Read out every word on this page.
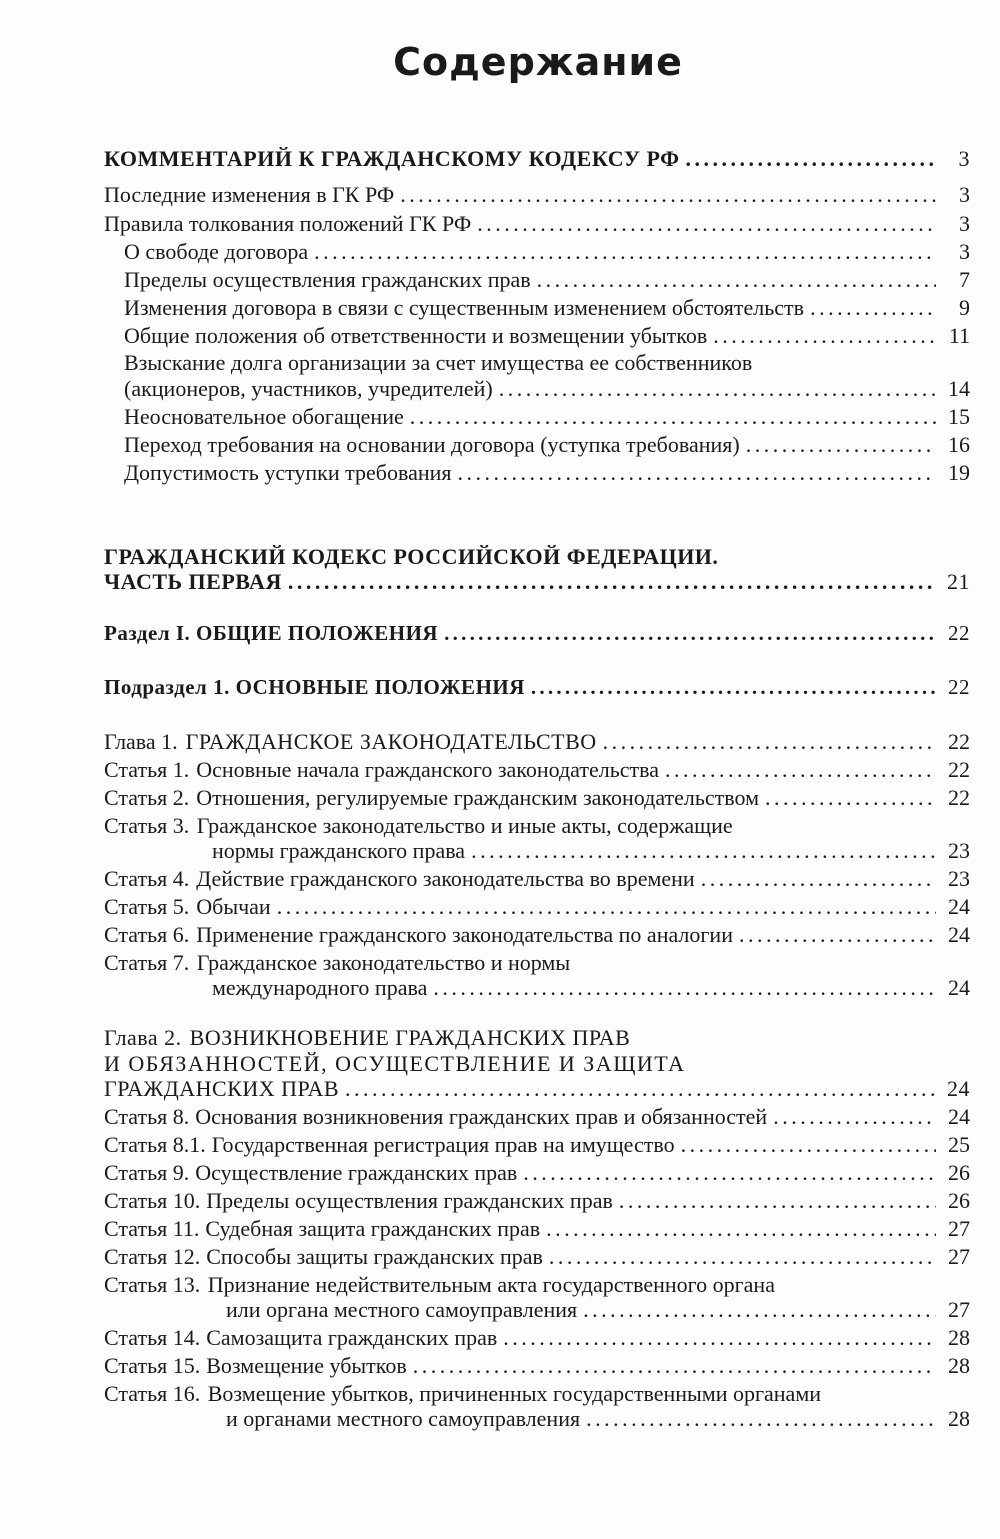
Содержание
КОММЕНТАРИЙ К ГРАЖДАНСКОМУ КОДЕКСУ РФ . . .	3
Последние изменения в ГК РФ . . .	3
Правила толкования положений ГК РФ . . .	3
О свободе договора . . .	3
Пределы осуществления гражданских прав . . .	7
Изменения договора в связи с существенным изменением обстоятельств . . .	9
Общие положения об ответственности и возмещении убытков . . .	11
Взыскание долга организации за счет имущества ее собственников
(акционеров, участников, учредителей) . . .	14
Неосновательное обогащение . . .	15
Переход требования на основании договора (уступка требования) . . .	16
Допустимость уступки требования . . .	19
ГРАЖДАНСКИЙ КОДЕКС РОССИЙСКОЙ ФЕДЕРАЦИИ.
ЧАСТЬ ПЕРВАЯ . . .	21
Раздел I. ОБЩИЕ ПОЛОЖЕНИЯ . . .	22
Подраздел 1. ОСНОВНЫЕ ПОЛОЖЕНИЯ . . .	22
Глава 1. ГРАЖДАНСКОЕ ЗАКОНОДАТЕЛЬСТВО . . .	22
Статья 1. Основные начала гражданского законодательства . . .	22
Статья 2. Отношения, регулируемые гражданским законодательством . . .	22
Статья 3. Гражданское законодательство и иные акты, содержащие
нормы гражданского права . . .	23
Статья 4. Действие гражданского законодательства во времени . . .	23
Статья 5. Обычаи . . .	24
Статья 6. Применение гражданского законодательства по аналогии . . .	24
Статья 7. Гражданское законодательство и нормы
международного права . . .	24
Глава 2. ВОЗНИКНОВЕНИЕ ГРАЖДАНСКИХ ПРАВ
И ОБЯЗАННОСТЕЙ, ОСУЩЕСТВЛЕНИЕ И ЗАЩИТА
ГРАЖДАНСКИХ ПРАВ . . .	24
Статья 8. Основания возникновения гражданских прав и обязанностей . . .	24
Статья 8.1. Государственная регистрация прав на имущество . . .	25
Статья 9. Осуществление гражданских прав . . .	26
Статья 10. Пределы осуществления гражданских прав . . .	26
Статья 11. Судебная защита гражданских прав . . .	27
Статья 12. Способы защиты гражданских прав . . .	27
Статья 13. Признание недействительным акта государственного органа
или органа местного самоуправления . . .	27
Статья 14. Самозащита гражданских прав . . .	28
Статья 15. Возмещение убытков . . .	28
Статья 16. Возмещение убытков, причиненных государственными органами
и органами местного самоуправления . . .	28
